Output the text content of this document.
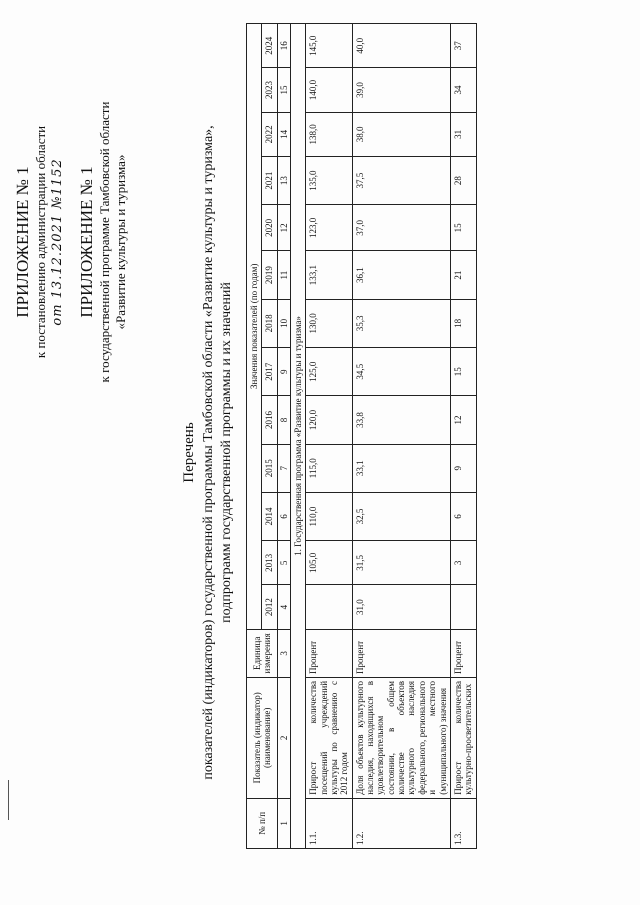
ПРИЛОЖЕНИЕ № 1 к постановлению администрации области от 13.12.2021 №1152 ПРИЛОЖЕНИЕ № 1 к государственной программе Тамбовской области «Развитие культуры и туризма»
Перечень показателей (индикаторов) государственной программы Тамбовской области «Развитие культуры и туризма», подпрограмм государственной программы и их значений
№ п/п	Показатель (индикатор) (наименование)	Единица измерения	Значения показателей (по годам)												
			2012	2013	2014	2015	2016	2017	2018	2019	2020	2021	2022	2023	2024
1	2	3	4	5	6	7	8	9	10	11	12	13	14	15	16
1. Государственная программа «Развитие культуры и туризма»															
1.1.	Прирост количества посещений учреждений культуры по сравнению с 2012 годом	Процент		105,0	110,0	115,0	120,0	125,0	130,0	133,1	123,0	135,0	138,0	140,0	145,0
1.2.	Доля объектов культурного наследия, находящихся в удовлетворительном состоянии, в общем количестве объектов культурного наследия федерального, регионального и местного (муниципального) значения	Процент	31,0	31,5	32,5	33,1	33,8	34,5	35,3	36,1	37,0	37,5	38,0	39,0	40,0
1.3.	Прирост количества культурно-просветительских	Процент		3	6	9	12	15	18	21	15	28	31	34	37
